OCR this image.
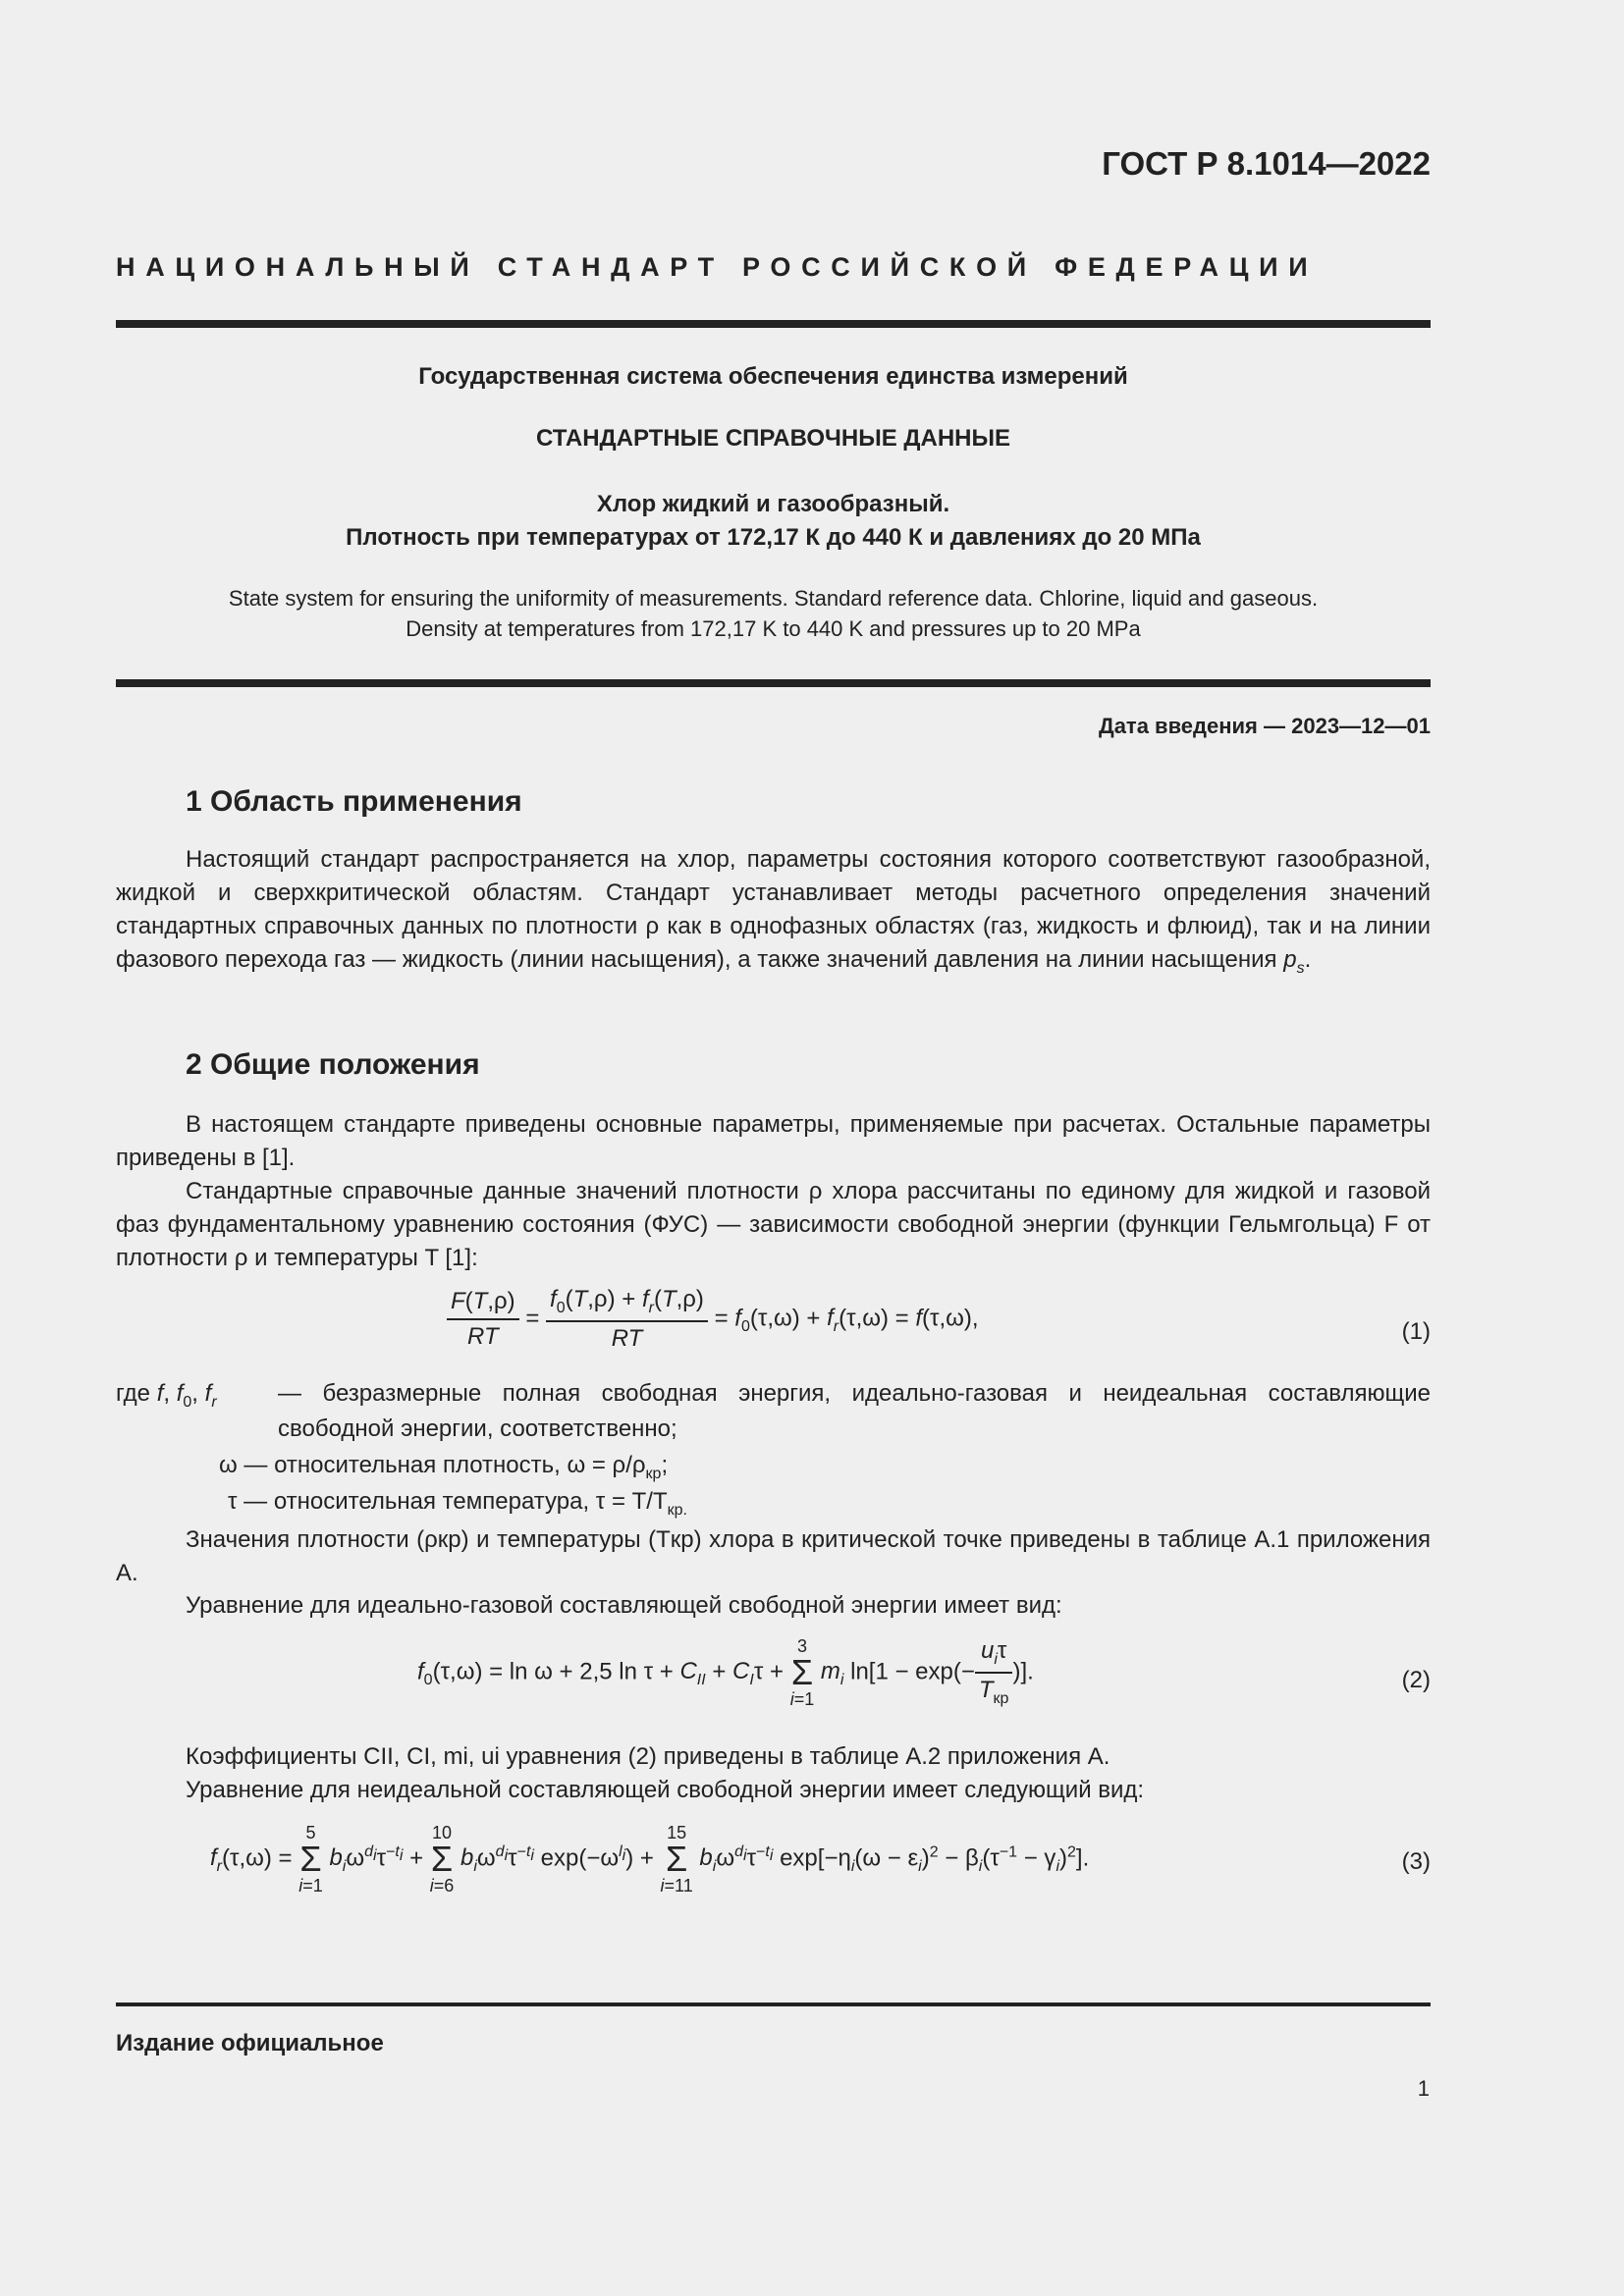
ГОСТ Р 8.1014—2022
НАЦИОНАЛЬНЫЙ СТАНДАРТ РОССИЙСКОЙ ФЕДЕРАЦИИ
Государственная система обеспечения единства измерений
СТАНДАРТНЫЕ СПРАВОЧНЫЕ ДАННЫЕ
Хлор жидкий и газообразный.
Плотность при температурах от 172,17 К до 440 К и давлениях до 20 МПа
State system for ensuring the uniformity of measurements. Standard reference data. Chlorine, liquid and gaseous.
Density at temperatures from 172,17 K to 440 K and pressures up to 20 MPa
Дата введения — 2023—12—01
1 Область применения
Настоящий стандарт распространяется на хлор, параметры состояния которого соответствуют газообразной, жидкой и сверхкритической областям. Стандарт устанавливает методы расчетного определения значений стандартных справочных данных по плотности ρ как в однофазных областях (газ, жидкость и флюид), так и на линии фазового перехода газ — жидкость (линии насыщения), а также значений давления на линии насыщения $p_s$.
2 Общие положения
В настоящем стандарте приведены основные параметры, применяемые при расчетах. Остальные параметры приведены в [1].
Стандартные справочные данные значений плотности ρ хлора рассчитаны по единому для жидкой и газовой фаз фундаментальному уравнению состояния (ФУС) — зависимости свободной энергии (функции Гельмгольца) F от плотности ρ и температуры T [1]:
$\frac{F(T,\rho)}{RT} = \frac{f_0(T,\rho) + f_r(T,\rho)}{RT} = f_0(\tau,\omega) + f_r(\tau,\omega) = f(\tau,\omega)$,
(1)
где f, $f_0$, $f_r$	— безразмерные полная свободная энергия, идеально-газовая и неидеальная составляющие свободной энергии, соответственно;
ω — относительная плотность, $\omega = \rho/\rho_{кр}$;
τ — относительная температура, $\tau = T/T_{кр.}$
Значения плотности (ρкр) и температуры (Tкр) хлора в критической точке приведены в таблице А.1 приложения А.
Уравнение для идеально-газовой составляющей свободной энергии имеет вид:
$f_0(\tau,\omega) = \ln \omega + 2,5$ $\ln \tau + C_{II} + C_I\tau$ +
3
Σ
i=1
$m_i$ $\ln[1 - \exp(- \frac{u_i\tau}{T_{кр}}$ )].	(2)
Коэффициенты CII, CI, mi, ui уравнения (2) приведены в таблице А.2 приложения А.
Уравнение для неидеальной составляющей свободной энергии имеет следующий вид:
$f_r(\tau,\omega)$ =
5
Σ
i=1
$b_i\omega^{d_i}\tau^{-t_i}$ +
10
Σ
i=6
$b_i\omega^{d_i}\tau^{-t_i}$ $\exp(-\omega^{l_i})$ +
15
Σ
i=11
$b_i\omega^{d_i}\tau^{-t_i}$ $\exp[-\eta_i(\omega - \varepsilon_i)^2 - \beta_i(\tau^{-1} - \gamma_i)^2]$.	(3)
Издание официальное
1
